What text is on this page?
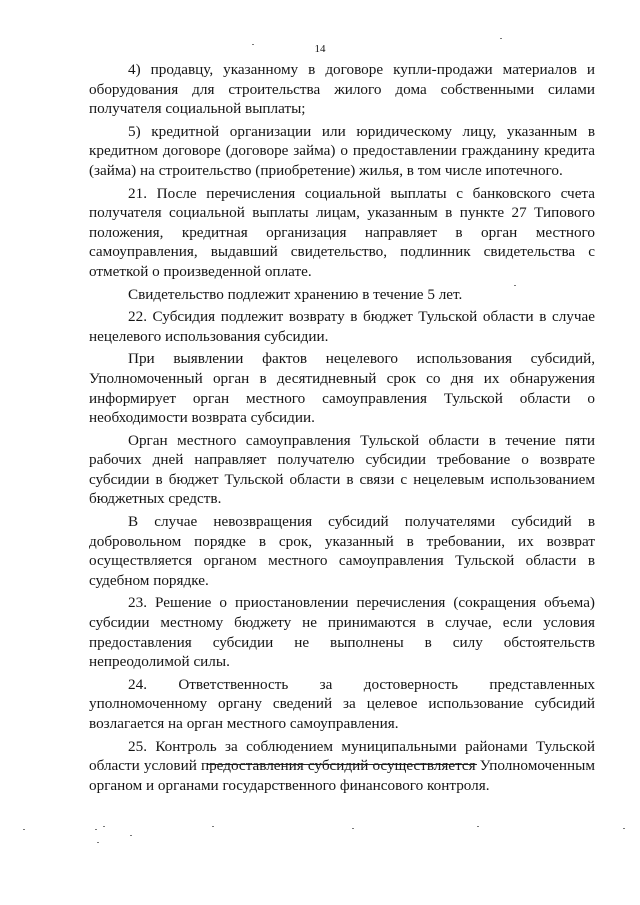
14

4) продавцу, указанному в договоре купли-продажи материалов и оборудования для строительства жилого дома собственными силами получателя социальной выплаты;

5) кредитной организации или юридическому лицу, указанным в кредитном договоре (договоре займа) о предоставлении гражданину кредита (займа) на строительство (приобретение) жилья, в том числе ипотечного.

21. После перечисления социальной выплаты с банковского счета получателя социальной выплаты лицам, указанным в пункте 27 Типового положения, кредитная организация направляет в орган местного самоуправления, выдавший свидетельство, подлинник свидетельства с отметкой о произведенной оплате.

Свидетельство подлежит хранению в течение 5 лет.

22. Субсидия подлежит возврату в бюджет Тульской области в случае нецелевого использования субсидии.

При выявлении фактов нецелевого использования субсидий, Уполномоченный орган в десятидневный срок со дня их обнаружения информирует орган местного самоуправления Тульской области о необходимости возврата субсидии.

Орган местного самоуправления Тульской области в течение пяти рабочих дней направляет получателю субсидии требование о возврате субсидии в бюджет Тульской области в связи с нецелевым использованием бюджетных средств.

В случае невозвращения субсидий получателями субсидий в добровольном порядке в срок, указанный в требовании, их возврат осуществляется органом местного самоуправления Тульской области в судебном порядке.

23. Решение о приостановлении перечисления (сокращения объема) субсидии местному бюджету не принимаются в случае, если условия предоставления субсидии не выполнены в силу обстоятельств непреодолимой силы.

24. Ответственность за достоверность представленных уполномоченному органу сведений за целевое использование субсидий возлагается на орган местного самоуправления.

25. Контроль за соблюдением муниципальными районами Тульской области условий предоставления субсидий осуществляется Уполномоченным органом и органами государственного финансового контроля.
